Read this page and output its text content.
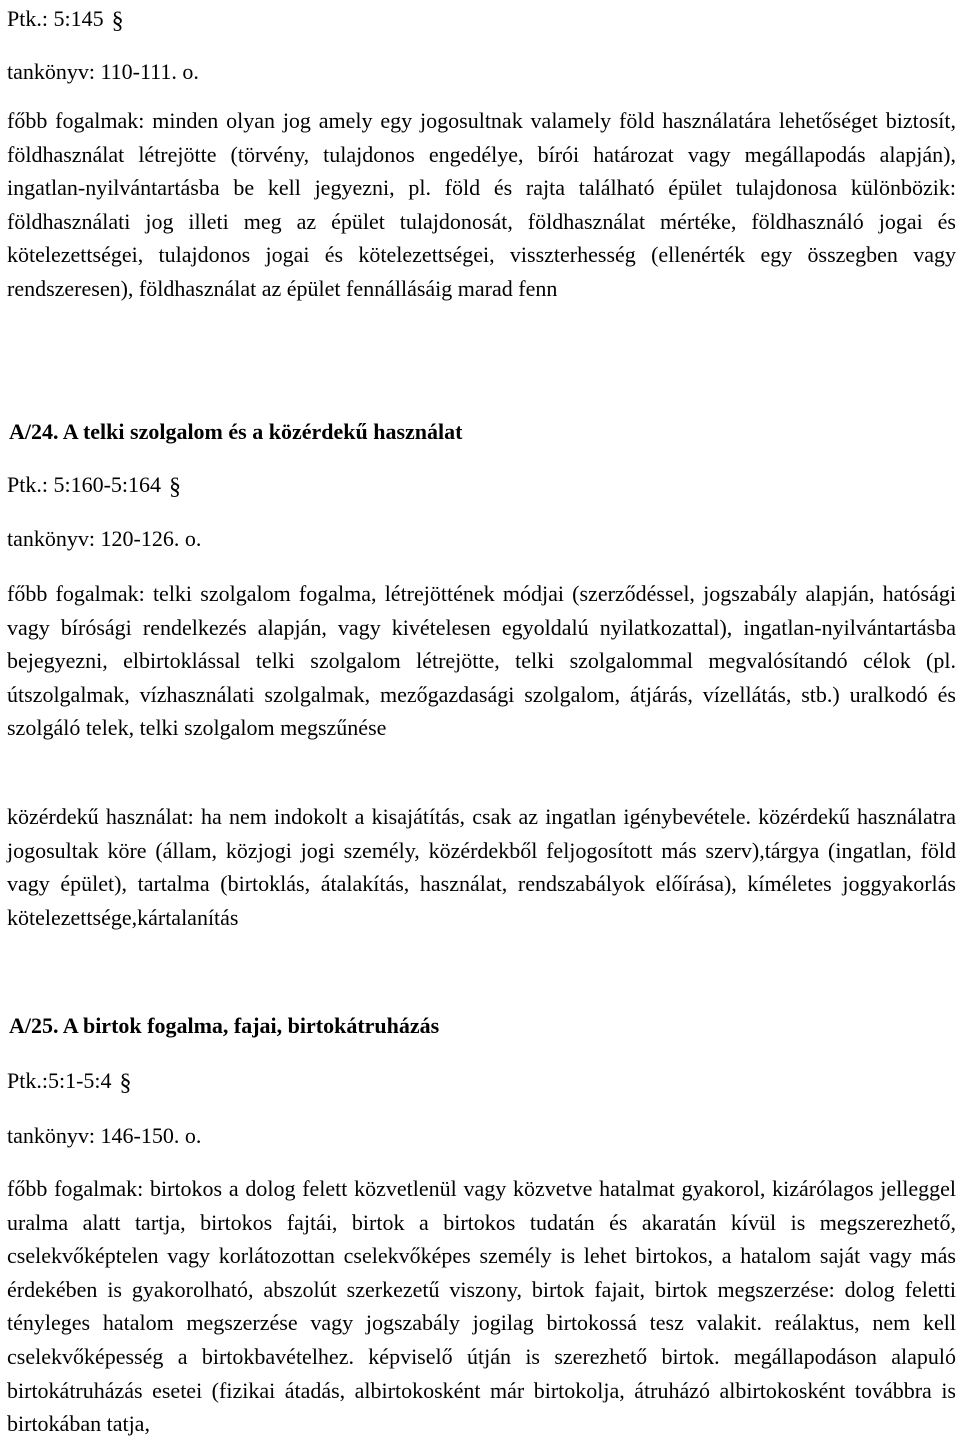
Ptk.: 5:145 §
tankönyv: 110-111. o.

főbb fogalmak: minden olyan jog amely egy jogosultnak valamely föld használatára lehetőséget biztosít, földhasználat létrejötte (törvény, tulajdonos engedélye, bírói határozat vagy megállapodás alapján), ingatlan-nyilvántartásba be kell jegyezni, pl. föld és rajta található épület tulajdonosa különbözik: földhasználati jog illeti meg az épület tulajdonosát, földhasználat mértéke, földhasználó jogai és kötelezettségei, tulajdonos jogai és kötelezettségei, visszterhesség (ellenérték egy összegben vagy rendszeresen), földhasználat az épület fennállásáig marad fenn

A/24. A telki szolgalom és a közérdekű használat
Ptk.: 5:160-5:164 §
tankönyv: 120-126. o.

főbb fogalmak: telki szolgalom fogalma, létrejöttének módjai (szerződéssel, jogszabály alapján, hatósági vagy bírósági rendelkezés alapján, vagy kivételesen egyoldalú nyilatkozattal), ingatlan-nyilvántartásba bejegyezni, elbirtoklással telki szolgalom létrejötte, telki szolgalommal megvalósítandó célok (pl. útszolgalmak, vízhasználati szolgalmak, mezőgazdasági szolgalom, átjárás, vízellátás, stb.) uralkodó és szolgáló telek, telki szolgalom megszűnése

közérdekű használat: ha nem indokolt a kisajátítás, csak az ingatlan igénybevétele. közérdekű használatra jogosultak köre (állam, közjogi jogi személy, közérdekből feljogosított más szerv),tárgya (ingatlan, föld vagy épület), tartalma (birtoklás, átalakítás, használat, rendszabályok előírása), kíméletes joggyakorlás kötelezettsége,kártalanítás

A/25. A birtok fogalma, fajai, birtokátruházás
Ptk.:5:1-5:4 §
tankönyv: 146-150. o.

főbb fogalmak: birtokos a dolog felett közvetlenül vagy közvetve hatalmat gyakorol, kizárólagos jelleggel uralma alatt tartja, birtokos fajtái, birtok a birtokos tudatán és akaratán kívül is megszerezhető, cselekvőképtelen vagy korlátozottan cselekvőképes személy is lehet birtokos, a hatalom saját vagy más érdekében is gyakorolható, abszolút szerkezetű viszony, birtok fajait, birtok megszerzése: dolog feletti tényleges hatalom megszerzése vagy jogszabály jogilag birtokossá tesz valakit. reálaktus, nem kell cselekvőképesség a birtokbavételhez. képviselő útján is szerezhető birtok. megállapodáson alapuló birtokátruházás esetei (fizikai átadás, albirtokosként már birtokolja, átruházó albirtokosként továbbra is birtokában tatja,
